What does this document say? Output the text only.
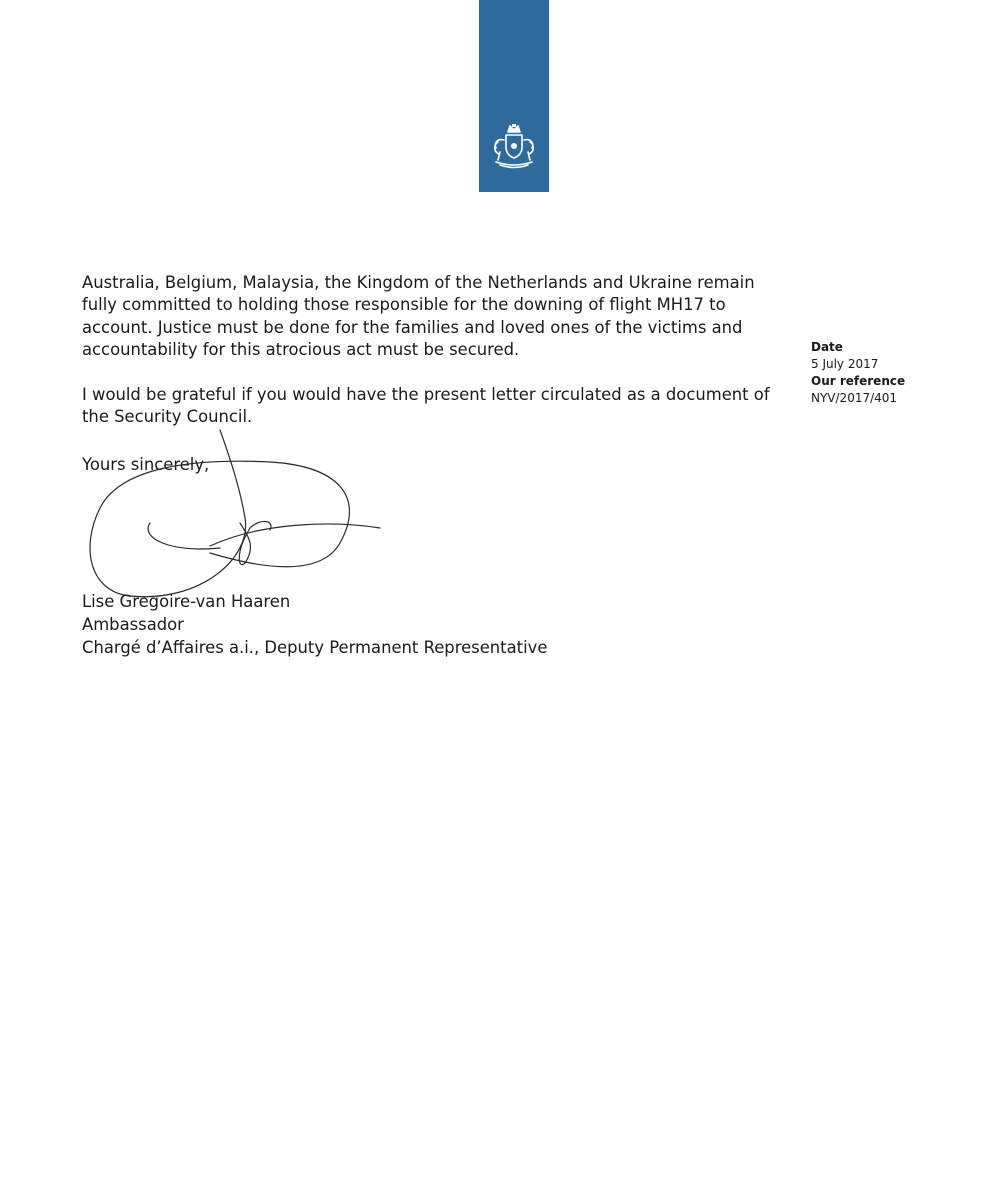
Australia, Belgium, Malaysia, the Kingdom of the Netherlands and Ukraine remain fully committed to holding those responsible for the downing of flight MH17 to account. Justice must be done for the families and loved ones of the victims and accountability for this atrocious act must be secured.

I would be grateful if you would have the present letter circulated as a document of the Security Council.

Yours sincerely,
Lise Gregoire-van Haaren
Ambassador
Chargé d’Affaires a.i., Deputy Permanent Representative
Date
5 July 2017
Our reference
NYV/2017/401
